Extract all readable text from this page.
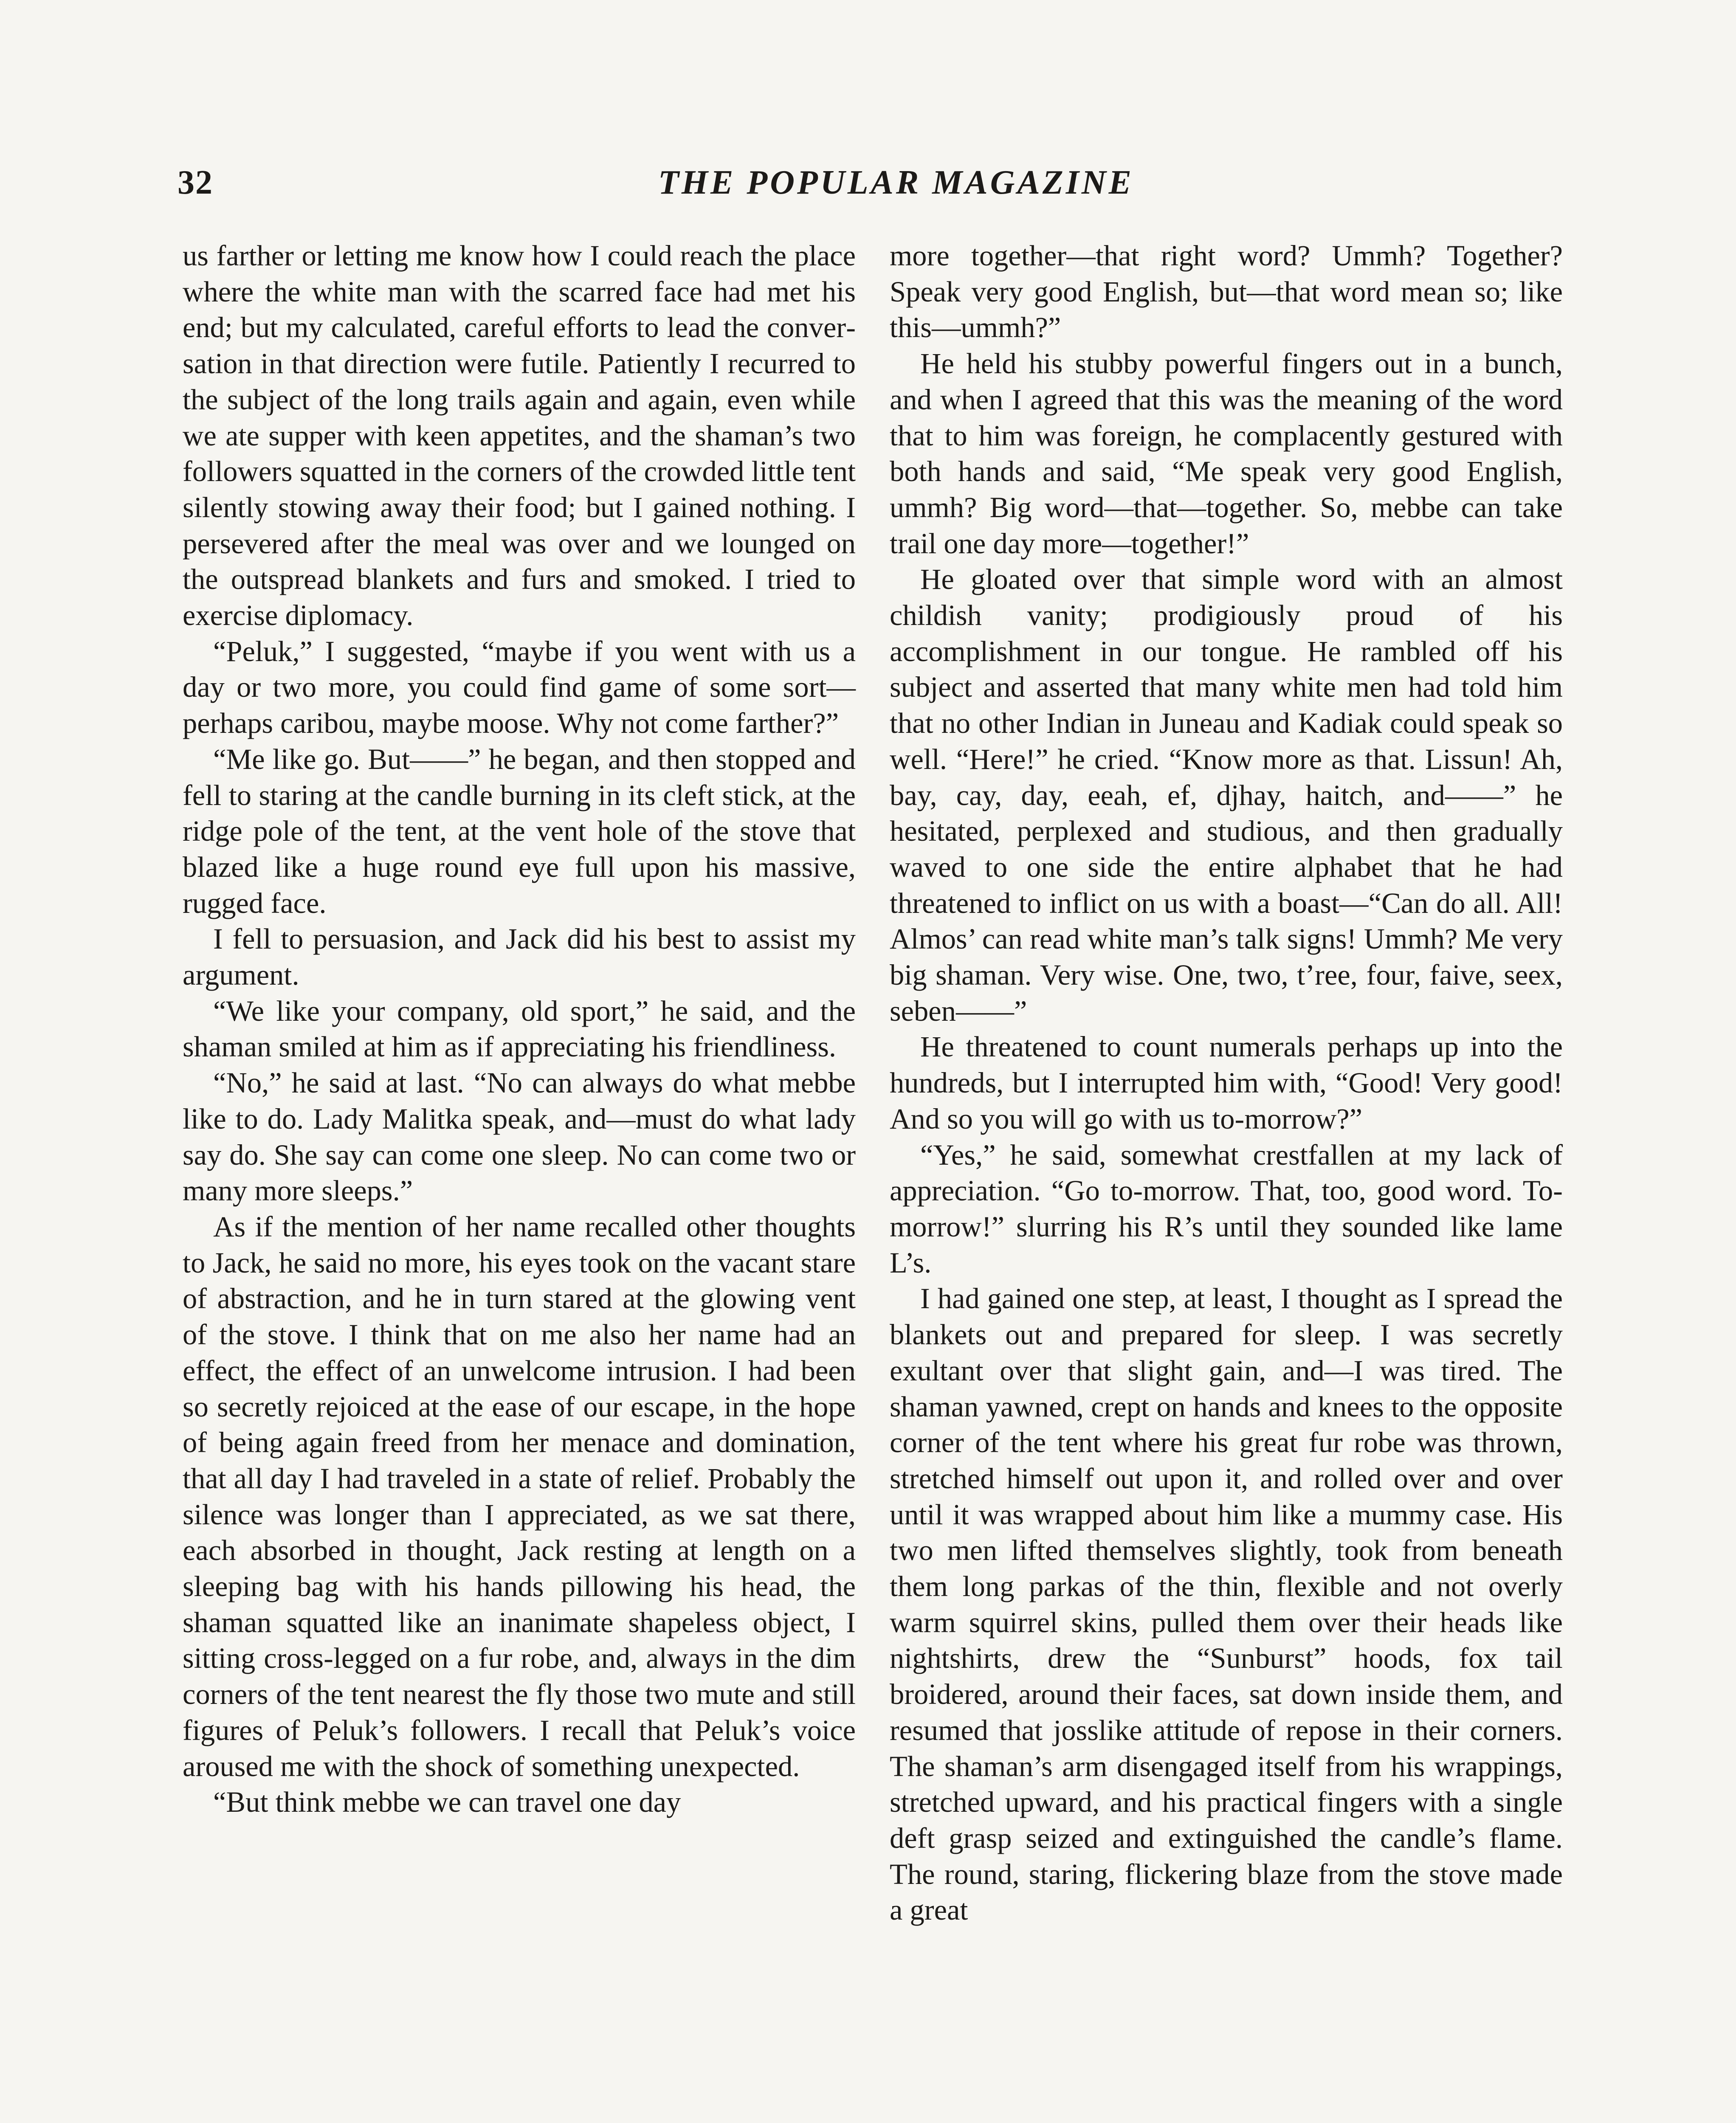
32	THE POPULAR MAGAZINE

us farther or letting me know how I could reach the place where the white man with the scarred face had met his end; but my calculated, careful efforts to lead the conversation in that direction were futile. Patiently I recurred to the subject of the long trails again and again, even while we ate supper with keen appetites, and the shaman’s two followers squatted in the corners of the crowded little tent silently stowing away their food; but I gained nothing. I persevered after the meal was over and we lounged on the outspread blankets and furs and smoked. I tried to exercise diplomacy.

“Peluk,” I suggested, “maybe if you went with us a day or two more, you could find game of some sort—perhaps caribou, maybe moose. Why not come farther?”

“Me like go. But——” he began, and then stopped and fell to staring at the candle burning in its cleft stick, at the ridge pole of the tent, at the vent hole of the stove that blazed like a huge round eye full upon his massive, rugged face.

I fell to persuasion, and Jack did his best to assist my argument.

“We like your company, old sport,” he said, and the shaman smiled at him as if appreciating his friendliness.

“No,” he said at last. “No can always do what mebbe like to do. Lady Malitka speak, and—must do what lady say do. She say can come one sleep. No can come two or many more sleeps.”

As if the mention of her name recalled other thoughts to Jack, he said no more, his eyes took on the vacant stare of abstraction, and he in turn stared at the glowing vent of the stove. I think that on me also her name had an effect, the effect of an unwelcome intrusion. I had been so secretly rejoiced at the ease of our escape, in the hope of being again freed from her menace and domination, that all day I had traveled in a state of relief. Probably the silence was longer than I appreciated, as we sat there, each absorbed in thought, Jack resting at length on a sleeping bag with his hands pillowing his head, the shaman squatted like an inanimate shapeless object, I sitting cross-legged on a fur robe, and, always in the dim corners of the tent nearest the fly those two mute and still figures of Peluk’s followers. I recall that Peluk’s voice aroused me with the shock of something unexpected.

“But think mebbe we can travel one day

more together—that right word? Ummh? Together? Speak very good English, but—that word mean so; like this—ummh?”

He held his stubby powerful fingers out in a bunch, and when I agreed that this was the meaning of the word that to him was foreign, he complacently gestured with both hands and said, “Me speak very good English, ummh? Big word—that—together. So, mebbe can take trail one day more—together!”

He gloated over that simple word with an almost childish vanity; prodigiously proud of his accomplishment in our tongue. He rambled off his subject and asserted that many white men had told him that no other Indian in Juneau and Kadiak could speak so well. “Here!” he cried. “Know more as that. Lissun! Ah, bay, cay, day, eeah, ef, djhay, haitch, and——” he hesitated, perplexed and studious, and then gradually waved to one side the entire alphabet that he had threatened to inflict on us with a boast—“Can do all. All! Almos’ can read white man’s talk signs! Ummh? Me very big shaman. Very wise. One, two, t’ree, four, faive, seex, seben——”

He threatened to count numerals perhaps up into the hundreds, but I interrupted him with, “Good! Very good! And so you will go with us to-morrow?”

“Yes,” he said, somewhat crestfallen at my lack of appreciation. “Go to-morrow. That, too, good word. To-morrow!” slurring his R’s until they sounded like lame L’s.

I had gained one step, at least, I thought as I spread the blankets out and prepared for sleep. I was secretly exultant over that slight gain, and—I was tired. The shaman yawned, crept on hands and knees to the opposite corner of the tent where his great fur robe was thrown, stretched himself out upon it, and rolled over and over until it was wrapped about him like a mummy case. His two men lifted themselves slightly, took from beneath them long parkas of the thin, flexible and not overly warm squirrel skins, pulled them over their heads like nightshirts, drew the “Sunburst” hoods, fox tail broidered, around their faces, sat down inside them, and resumed that josslike attitude of repose in their corners. The shaman’s arm disengaged itself from his wrappings, stretched upward, and his practical fingers with a single deft grasp seized and extinguished the candle’s flame. The round, staring, flickering blaze from the stove made a great
